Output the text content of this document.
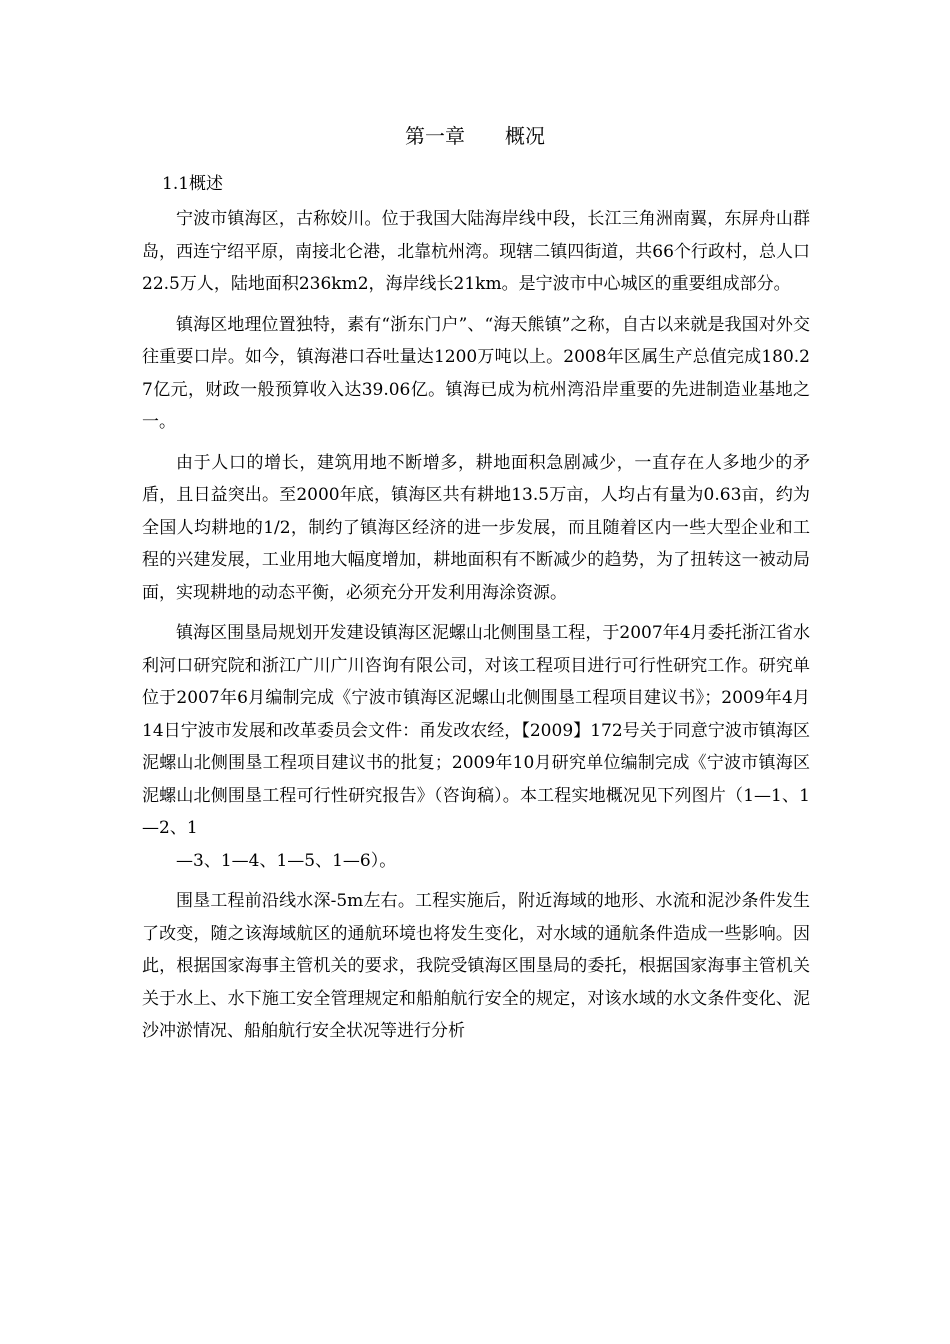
第一章　　概况
1.1概述

宁波市镇海区，古称姣川。位于我国大陆海岸线中段，长江三角洲南翼，东屏舟山群岛，西连宁绍平原，南接北仑港，北靠杭州湾。现辖二镇四街道，共66个行政村，总人口22.5万人，陆地面积236km2，海岸线长21km。是宁波市中心城区的重要组成部分。

镇海区地理位置独特，素有“浙东门户”、“海天熊镇”之称，自古以来就是我国对外交往重要口岸。如今，镇海港口吞吐量达1200万吨以上。2008年区属生产总值完成180.27亿元，财政一般预算收入达39.06亿。镇海已成为杭州湾沿岸重要的先进制造业基地之一。

由于人口的增长，建筑用地不断增多，耕地面积急剧减少，一直存在人多地少的矛盾，且日益突出。至2000年底，镇海区共有耕地13.5万亩，人均占有量为0.63亩，约为全国人均耕地的1/2，制约了镇海区经济的进一步发展，而且随着区内一些大型企业和工程的兴建发展，工业用地大幅度增加，耕地面积有不断减少的趋势，为了扭转这一被动局面，实现耕地的动态平衡，必须充分开发利用海涂资源。

镇海区围垦局规划开发建设镇海区泥螺山北侧围垦工程，于2007年4月委托浙江省水利河口研究院和浙江广川广川咨询有限公司，对该工程项目进行可行性研究工作。研究单位于2007年6月编制完成《宁波市镇海区泥螺山北侧围垦工程项目建议书》；2009年4月14日宁波市发展和改革委员会文件：甬发改农经，【2009】172号关于同意宁波市镇海区泥螺山北侧围垦工程项目建议书的批复；2009年10月研究单位编制完成《宁波市镇海区泥螺山北侧围垦工程可行性研究报告》（咨询稿）。本工程实地概况见下列图片（1—1、1—2、1

—3、1—4、1—5、1—6）。

围垦工程前沿线水深-5m左右。工程实施后，附近海域的地形、水流和泥沙条件发生了改变，随之该海域航区的通航环境也将发生变化，对水域的通航条件造成一些影响。因此，根据国家海事主管机关的要求，我院受镇海区围垦局的委托，根据国家海事主管机关关于水上、水下施工安全管理规定和船舶航行安全的规定，对该水域的水文条件变化、泥沙冲淤情况、船舶航行安全状况等进行分析
